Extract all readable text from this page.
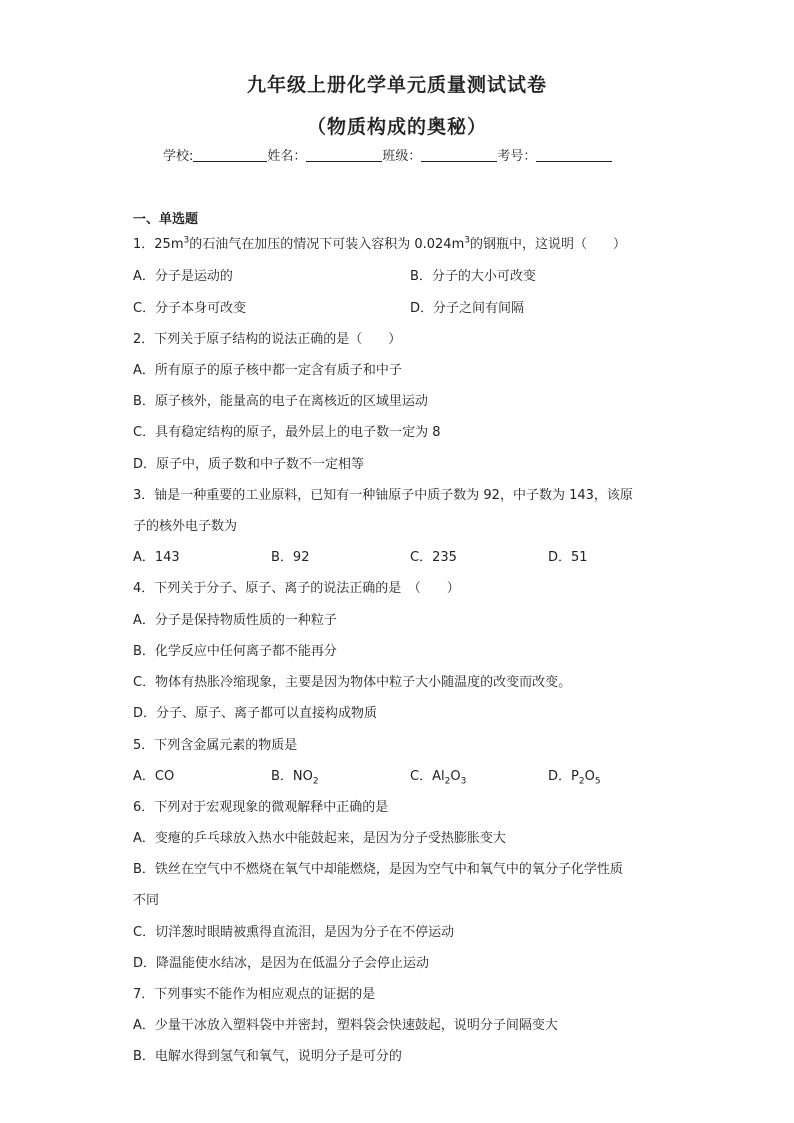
九年级上册化学单元质量测试试卷
（物质构成的奥秘）
学校:	姓名：	班级：	考号：
一、单选题
1．$25m^3$的石油气在加压的情况下可装入容积为 $0.024m^3$的钢瓶中，这说明（　　）
A．分子是运动的	B．分子的大小可改变
C．分子本身可改变	D．分子之间有间隔
2．下列关于原子结构的说法正确的是（　　）
A．所有原子的原子核中都一定含有质子和中子
B．原子核外，能量高的电子在离核近的区域里运动
C．具有稳定结构的原子，最外层上的电子数一定为 8
D．原子中，质子数和中子数不一定相等
3．铀是一种重要的工业原料，已知有一种铀原子中质子数为 92，中子数为 143，该原
子的核外电子数为
A．143	B．92	C．235	D．51
4．下列关于分子、原子、离子的说法正确的是　（　　）
A．分子是保持物质性质的一种粒子
B．化学反应中任何离子都不能再分
C．物体有热胀冷缩现象，主要是因为物体中粒子大小随温度的改变而改变。
D．分子、原子、离子都可以直接构成物质
5．下列含金属元素的物质是
A．CO	B．$NO_2$	C．$Al_2O_3$	D．$P_2O_5$
6．下列对于宏观现象的微观解释中正确的是
A．变瘪的乒乓球放入热水中能鼓起来，是因为分子受热膨胀变大
B．铁丝在空气中不燃烧在氧气中却能燃烧，是因为空气中和氧气中的氧分子化学性质
不同
C．切洋葱时眼睛被熏得直流泪，是因为分子在不停运动
D．降温能使水结冰，是因为在低温分子会停止运动
7．下列事实不能作为相应观点的证据的是
A．少量干冰放入塑料袋中并密封，塑料袋会快速鼓起，说明分子间隔变大
B．电解水得到氢气和氧气，说明分子是可分的
